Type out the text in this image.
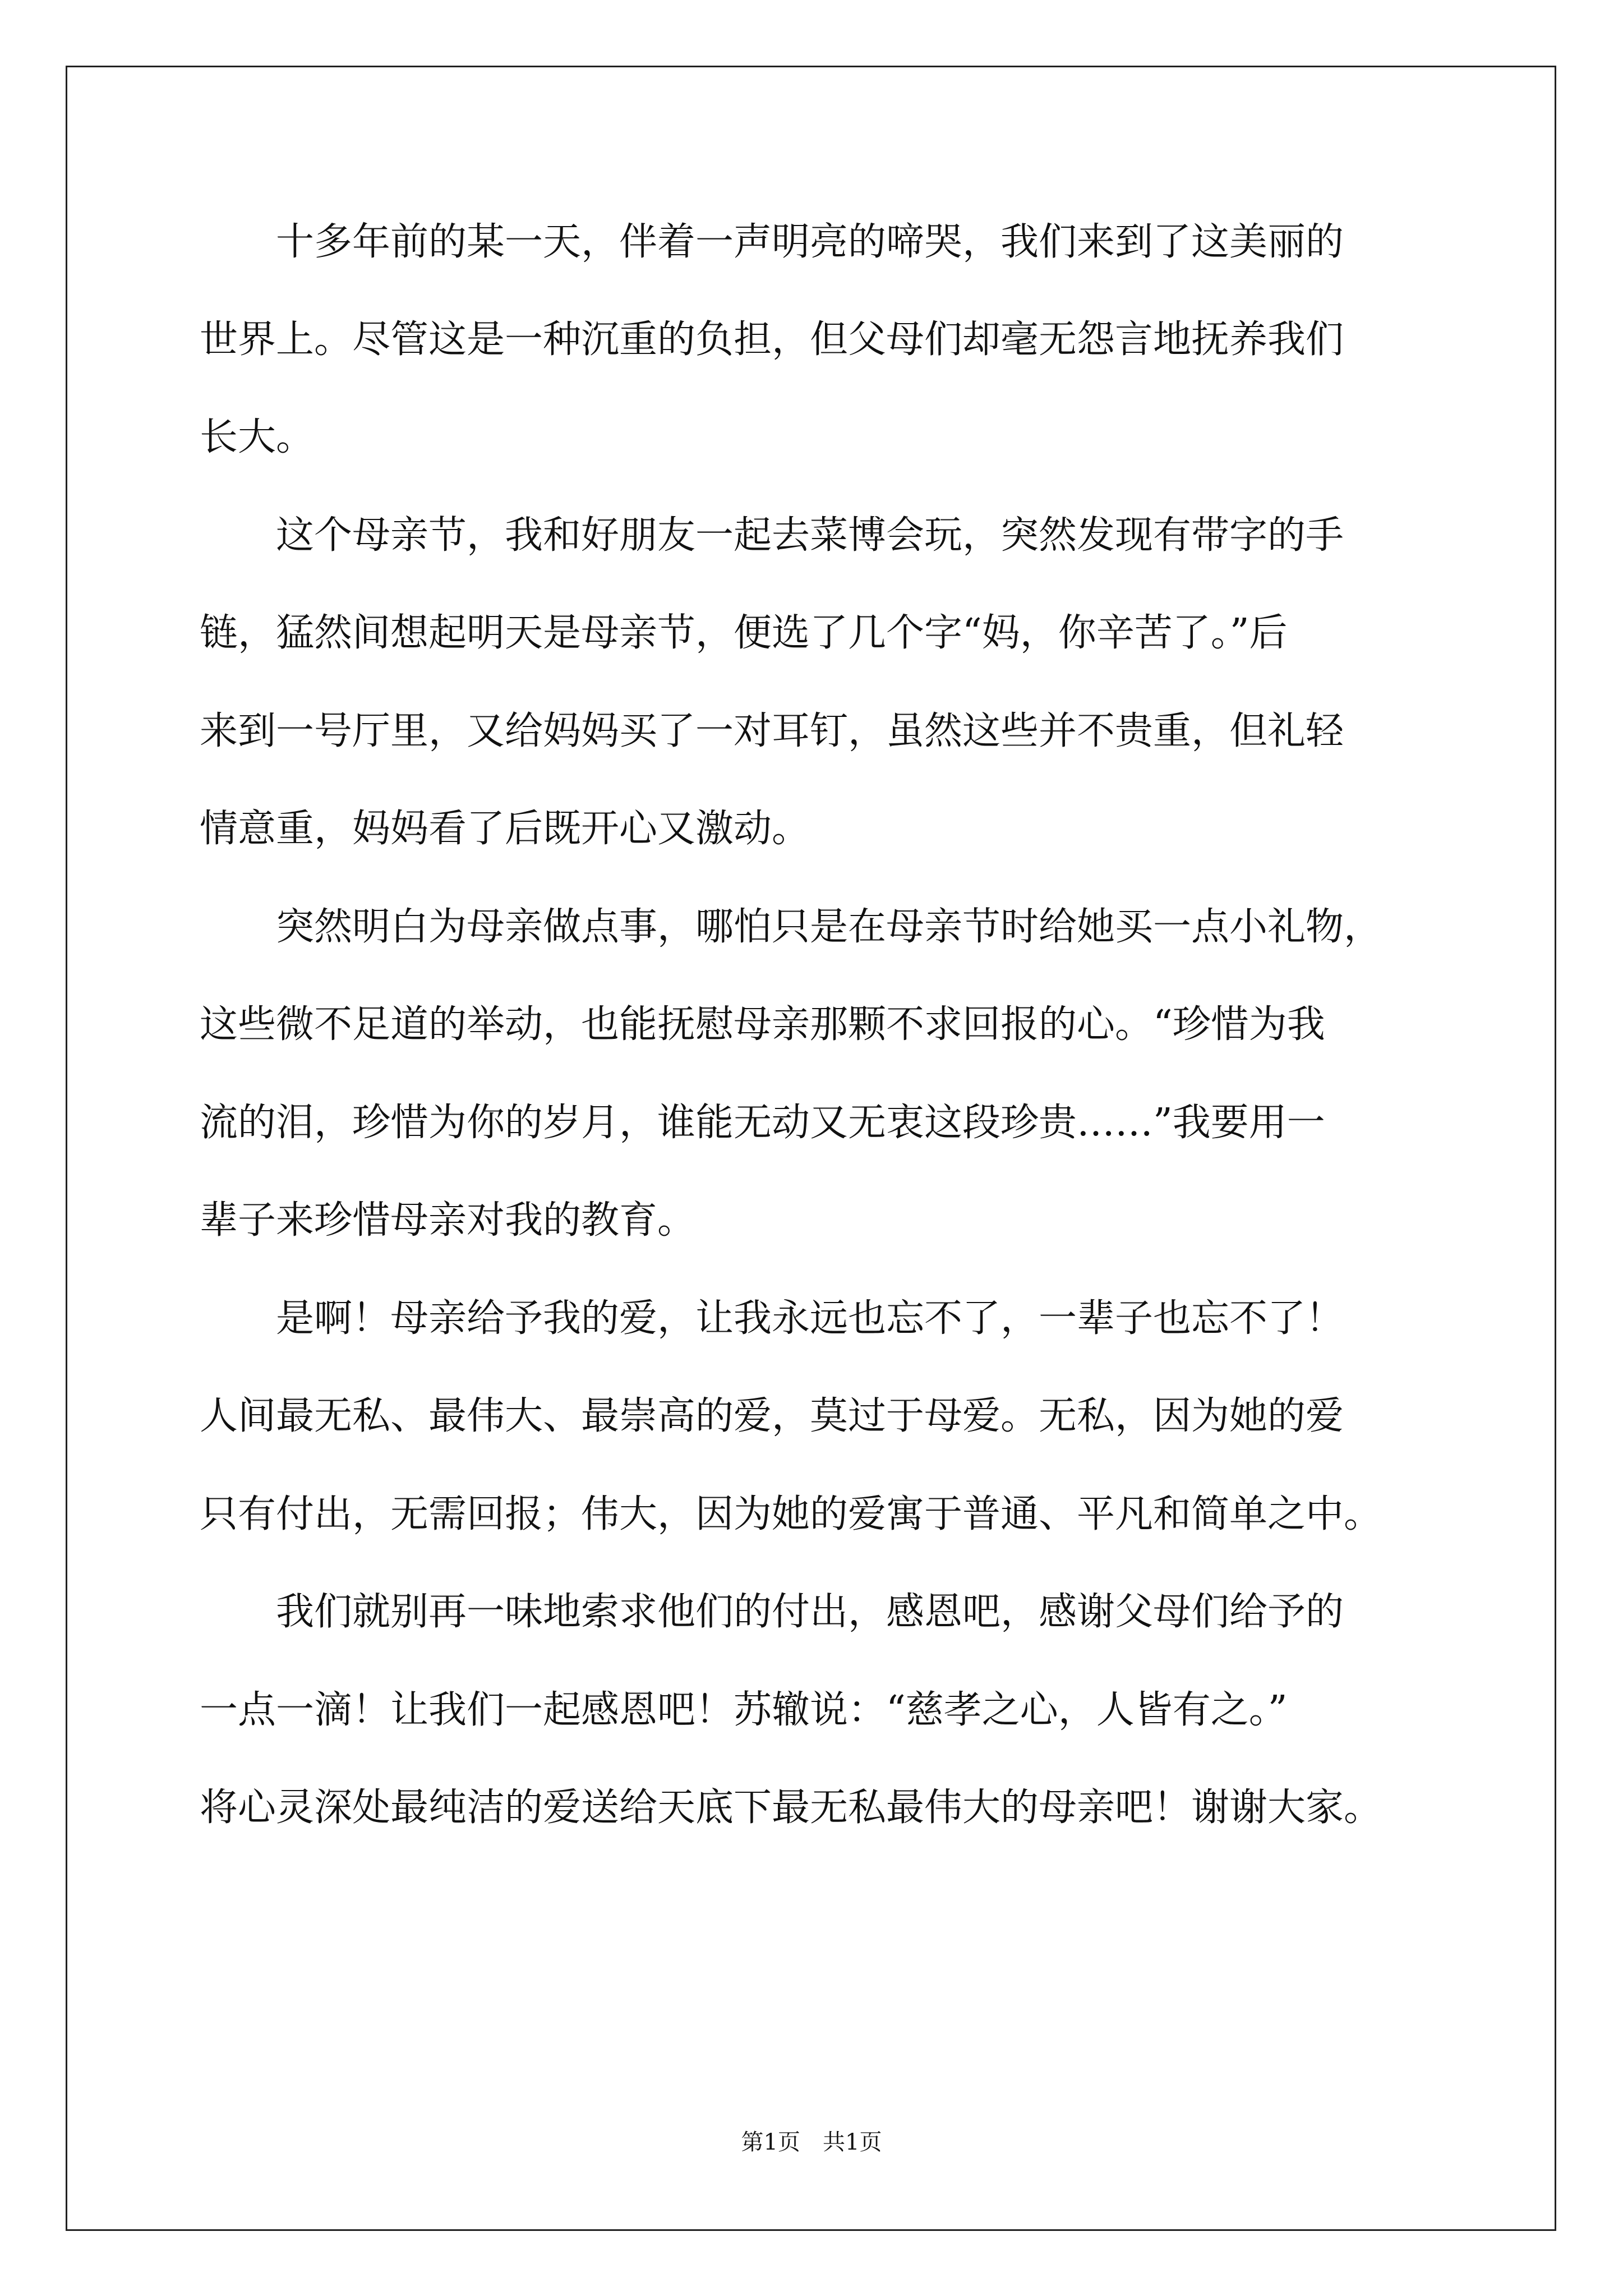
　　十多年前的某一天，伴着一声明亮的啼哭，我们来到了这美丽的
世界上。尽管这是一种沉重的负担，但父母们却毫无怨言地抚养我们
长大。
　　这个母亲节，我和好朋友一起去菜博会玩，突然发现有带字的手
链，猛然间想起明天是母亲节，便选了几个字“妈，你辛苦了。”后
来到一号厅里，又给妈妈买了一对耳钉，虽然这些并不贵重，但礼轻
情意重，妈妈看了后既开心又激动。
　　突然明白为母亲做点事，哪怕只是在母亲节时给她买一点小礼物，
这些微不足道的举动，也能抚慰母亲那颗不求回报的心。“珍惜为我
流的泪，珍惜为你的岁月，谁能无动又无衷这段珍贵……”我要用一
辈子来珍惜母亲对我的教育。
　　是啊！母亲给予我的爱，让我永远也忘不了，一辈子也忘不了！
人间最无私、最伟大、最崇高的爱，莫过于母爱。无私，因为她的爱
只有付出，无需回报；伟大，因为她的爱寓于普通、平凡和简单之中。
　　我们就别再一味地索求他们的付出，感恩吧，感谢父母们给予的
一点一滴！让我们一起感恩吧！苏辙说：“慈孝之心，人皆有之。”
将心灵深处最纯洁的爱送给天底下最无私最伟大的母亲吧！谢谢大家。
第1页　共1页
